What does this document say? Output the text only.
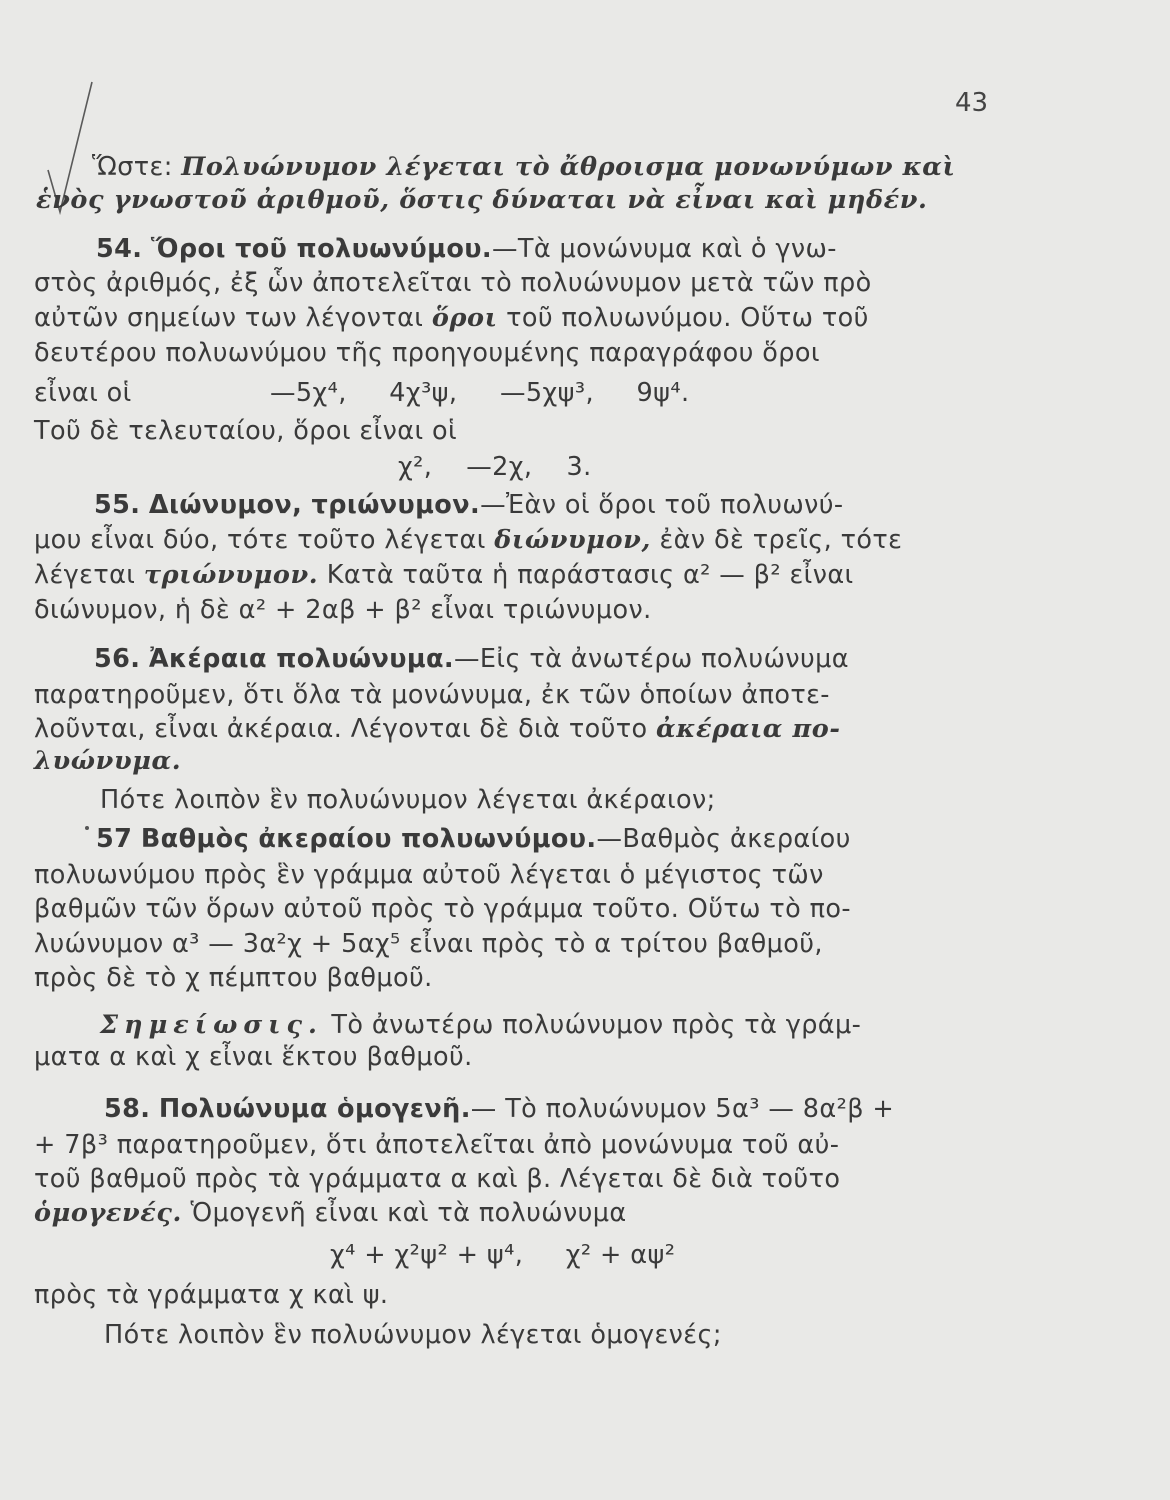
43
Ὥστε: Πολυώνυμον λέγεται τὸ ἄθροισμα μονωνύμων καὶ
ἑνὸς γνωστοῦ ἀριθμοῦ, ὅστις δύναται νὰ εἶναι καὶ μηδέν.
54. Ὅροι τοῦ πολυωνύμου.—Τὰ μονώνυμα καὶ ὁ γνω-
στὸς ἀριθμός, ἐξ ὧν ἀποτελεῖται τὸ πολυώνυμον μετὰ τῶν πρὸ
αὐτῶν σημείων των λέγονται ὅροι τοῦ πολυωνύμου. Οὕτω τοῦ
δευτέρου πολυωνύμου τῆς προηγουμένης παραγράφου ὅροι
εἶναι οἱ	—5χ⁴,     4χ³ψ,     —5χψ³,     9ψ⁴.
Τοῦ δὲ τελευταίου, ὅροι εἶναι οἱ
χ²,    —2χ,    3.
55. Διώνυμον, τριώνυμον.—Ἐὰν οἱ ὅροι τοῦ πολυωνύ-
μου εἶναι δύο, τότε τοῦτο λέγεται διώνυμον, ἐὰν δὲ τρεῖς, τότε
λέγεται τριώνυμον. Κατὰ ταῦτα ἡ παράστασις α² — β² εἶναι
διώνυμον, ἡ δὲ α² + 2αβ + β² εἶναι τριώνυμον.
56. Ἀκέραια πολυώνυμα.—Εἰς τὰ ἀνωτέρω πολυώνυμα
παρατηροῦμεν, ὅτι ὅλα τὰ μονώνυμα, ἐκ τῶν ὁποίων ἀποτε-
λοῦνται, εἶναι ἀκέραια. Λέγονται δὲ διὰ τοῦτο ἀκέραια πο-
λυώνυμα.
Πότε λοιπὸν ἓν πολυώνυμον λέγεται ἀκέραιον;
57 Βαθμὸς ἀκεραίου πολυωνύμου.—Βαθμὸς ἀκεραίου
πολυωνύμου πρὸς ἓν γράμμα αὐτοῦ λέγεται ὁ μέγιστος τῶν
βαθμῶν τῶν ὅρων αὐτοῦ πρὸς τὸ γράμμα τοῦτο. Οὕτω τὸ πο-
λυώνυμον α³ — 3α²χ + 5αχ⁵ εἶναι πρὸς τὸ α τρίτου βαθμοῦ,
πρὸς δὲ τὸ χ πέμπτου βαθμοῦ.
Σημείωσις. Τὸ ἀνωτέρω πολυώνυμον πρὸς τὰ γράμ-
ματα α καὶ χ εἶναι ἕκτου βαθμοῦ.
58. Πολυώνυμα ὁμογενῆ.— Τὸ πολυώνυμον 5α³ — 8α²β +
+ 7β³ παρατηροῦμεν, ὅτι ἀποτελεῖται ἀπὸ μονώνυμα τοῦ αὐ-
τοῦ βαθμοῦ πρὸς τὰ γράμματα α καὶ β. Λέγεται δὲ διὰ τοῦτο
ὁμογενές. Ὁμογενῆ εἶναι καὶ τὰ πολυώνυμα
χ⁴ + χ²ψ² + ψ⁴,     χ² + αψ²
πρὸς τὰ γράμματα χ καὶ ψ.
Πότε λοιπὸν ἓν πολυώνυμον λέγεται ὁμογενές;
